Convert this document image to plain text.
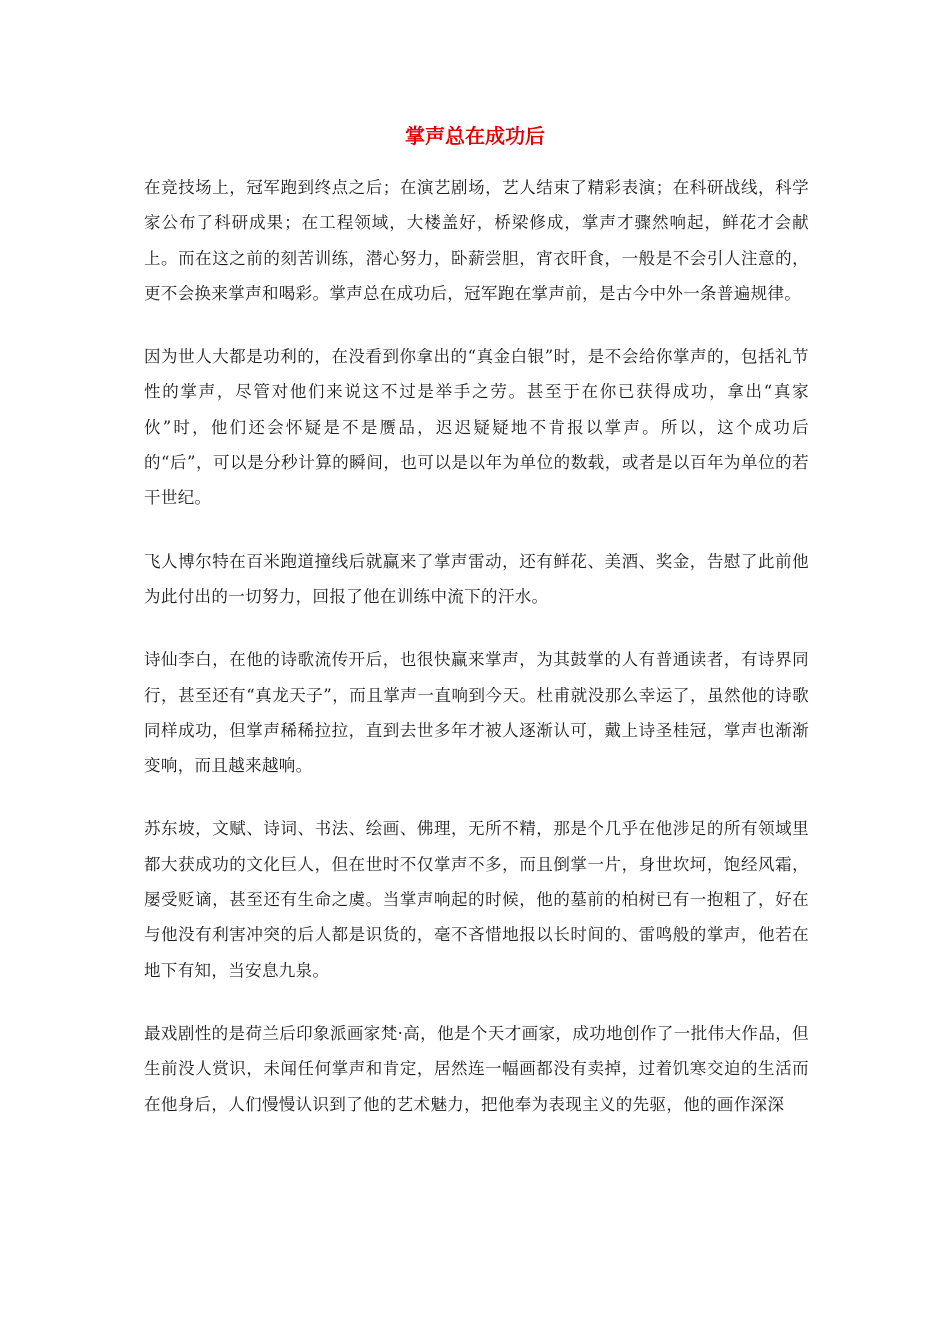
掌声总在成功后

在竞技场上，冠军跑到终点之后；在演艺剧场，艺人结束了精彩表演；在科研战线，科学家公布了科研成果；在工程领域，大楼盖好，桥梁修成，掌声才骤然响起，鲜花才会献上。而在这之前的刻苦训练，潜心努力，卧薪尝胆，宵衣旰食，一般是不会引人注意的，更不会换来掌声和喝彩。掌声总在成功后，冠军跑在掌声前，是古今中外一条普遍规律。

因为世人大都是功利的，在没看到你拿出的“真金白银”时，是不会给你掌声的，包括礼节性的掌声，尽管对他们来说这不过是举手之劳。甚至于在你已获得成功，拿出“真家伙”时，他们还会怀疑是不是赝品，迟迟疑疑地不肯报以掌声。所以，这个成功后的“后”，可以是分秒计算的瞬间，也可以是以年为单位的数载，或者是以百年为单位的若干世纪。

飞人博尔特在百米跑道撞线后就赢来了掌声雷动，还有鲜花、美酒、奖金，告慰了此前他为此付出的一切努力，回报了他在训练中流下的汗水。

诗仙李白，在他的诗歌流传开后，也很快赢来掌声，为其鼓掌的人有普通读者，有诗界同行，甚至还有“真龙天子”，而且掌声一直响到今天。杜甫就没那么幸运了，虽然他的诗歌同样成功，但掌声稀稀拉拉，直到去世多年才被人逐渐认可，戴上诗圣桂冠，掌声也渐渐变响，而且越来越响。

苏东坡，文赋、诗词、书法、绘画、佛理，无所不精，那是个几乎在他涉足的所有领域里都大获成功的文化巨人，但在世时不仅掌声不多，而且倒掌一片，身世坎坷，饱经风霜，屡受贬谪，甚至还有生命之虞。当掌声响起的时候，他的墓前的柏树已有一抱粗了，好在与他没有利害冲突的后人都是识货的，毫不吝惜地报以长时间的、雷鸣般的掌声，他若在地下有知，当安息九泉。

最戏剧性的是荷兰后印象派画家梵·高，他是个天才画家，成功地创作了一批伟大作品，但生前没人赏识，未闻任何掌声和肯定，居然连一幅画都没有卖掉，过着饥寒交迫的生活而在他身后，人们慢慢认识到了他的艺术魅力，把他奉为表现主义的先驱，他的画作深深
